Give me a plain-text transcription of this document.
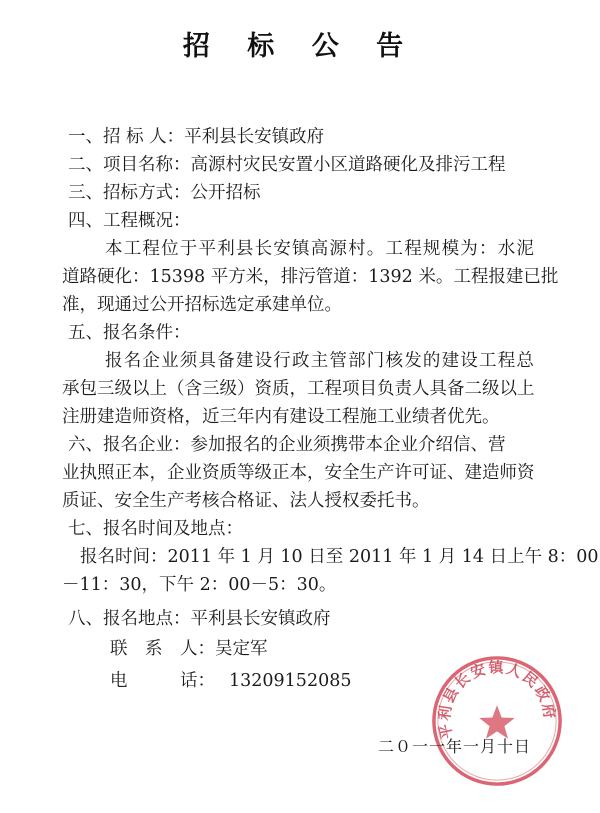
招 标 公 告
一、招 标 人：平利县长安镇政府
二、项目名称：高源村灾民安置小区道路硬化及排污工程
三、招标方式：公开招标
四、工程概况：
本工程位于平利县长安镇高源村。工程规模为：水泥
道路硬化：15398 平方米，排污管道：1392 米。工程报建已批
准，现通过公开招标选定承建单位。
五、报名条件：
报名企业须具备建设行政主管部门核发的建设工程总
承包三级以上（含三级）资质，工程项目负责人具备二级以上
注册建造师资格，近三年内有建设工程施工业绩者优先。
六、报名企业：参加报名的企业须携带本企业介绍信、营
业执照正本，企业资质等级正本，安全生产许可证、建造师资
质证、安全生产考核合格证、法人授权委托书。
七、报名时间及地点：
报名时间：2011 年 1 月 10 日至 2011 年 1 月 14 日上午 8：00
－11：30，下午 2：00－5：30。
八、报名地点：平利县长安镇政府
联　系　人：吴定军
电　　　话： 13209152085
平利县长安镇人民政府
二０一一年一月十日
